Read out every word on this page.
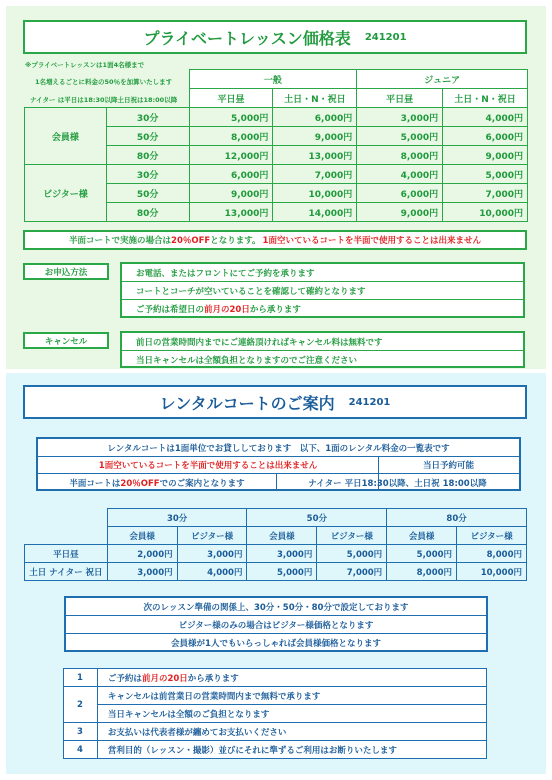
プライベートレッスン価格表 241201
※プライベートレッスンは1面4名様まで
1名増えるごとに料金の50％を加算いたします
ナイター は平日は18:30以降土日祝は18:00以降
		一般		ジュニア	
		平日昼	土日・N・祝日	平日昼	土日・N・祝日
会員様	30分	5,000円	6,000円	3,000円	4,000円
	50分	8,000円	9,000円	5,000円	6,000円
	80分	12,000円	13,000円	8,000円	9,000円
ビジター様	30分	6,000円	7,000円	4,000円	5,000円
	50分	9,000円	10,000円	6,000円	7,000円
	80分	13,000円	14,000円	9,000円	10,000円
半面コートで実施の場合は 20％OFF となります。 1面空いているコートを半面で使用することは出来ません
お申込方法	お電話、またはフロントにてご予約を承ります
コートとコーチが空いていることを確認して確約となります
ご予約は希望日の前月の20日から承ります
キャンセル	前日の営業時間内までにご連絡頂ければキャンセル料は無料です
当日キャンセルは全額負担となりますのでご注意ください
レンタルコートのご案内 241201
レンタルコートは1面単位でお貸ししております　以下、1面のレンタル料金の一覧表です
1面空いているコートを半面で使用することは出来ません	当日予約可能
半面コートは20％OFFでのご案内となります	ナイター 平日18:30以降、土日祝 18:00以降
	30分		50分		80分	
	会員様	ビジター様	会員様	ビジター様	会員様	ビジター様
平日昼	2,000円	3,000円	3,000円	5,000円	5,000円	8,000円
土日 ナイター 祝日	3,000円	4,000円	5,000円	7,000円	8,000円	10,000円
次のレッスン準備の関係上、30分・50分・80分で設定しております
ビジター様のみの場合はビジター様価格となります
会員様が1人でもいらっしゃれば会員様価格となります
1	ご予約は前月の20日から承ります
2	キャンセルは前営業日の営業時間内まで無料で承ります
	当日キャンセルは全額のご負担となります
3	お支払いは代表者様が纏めてお支払いください
4	営利目的（レッスン・撮影）並びにそれに準ずるご利用はお断りいたします
